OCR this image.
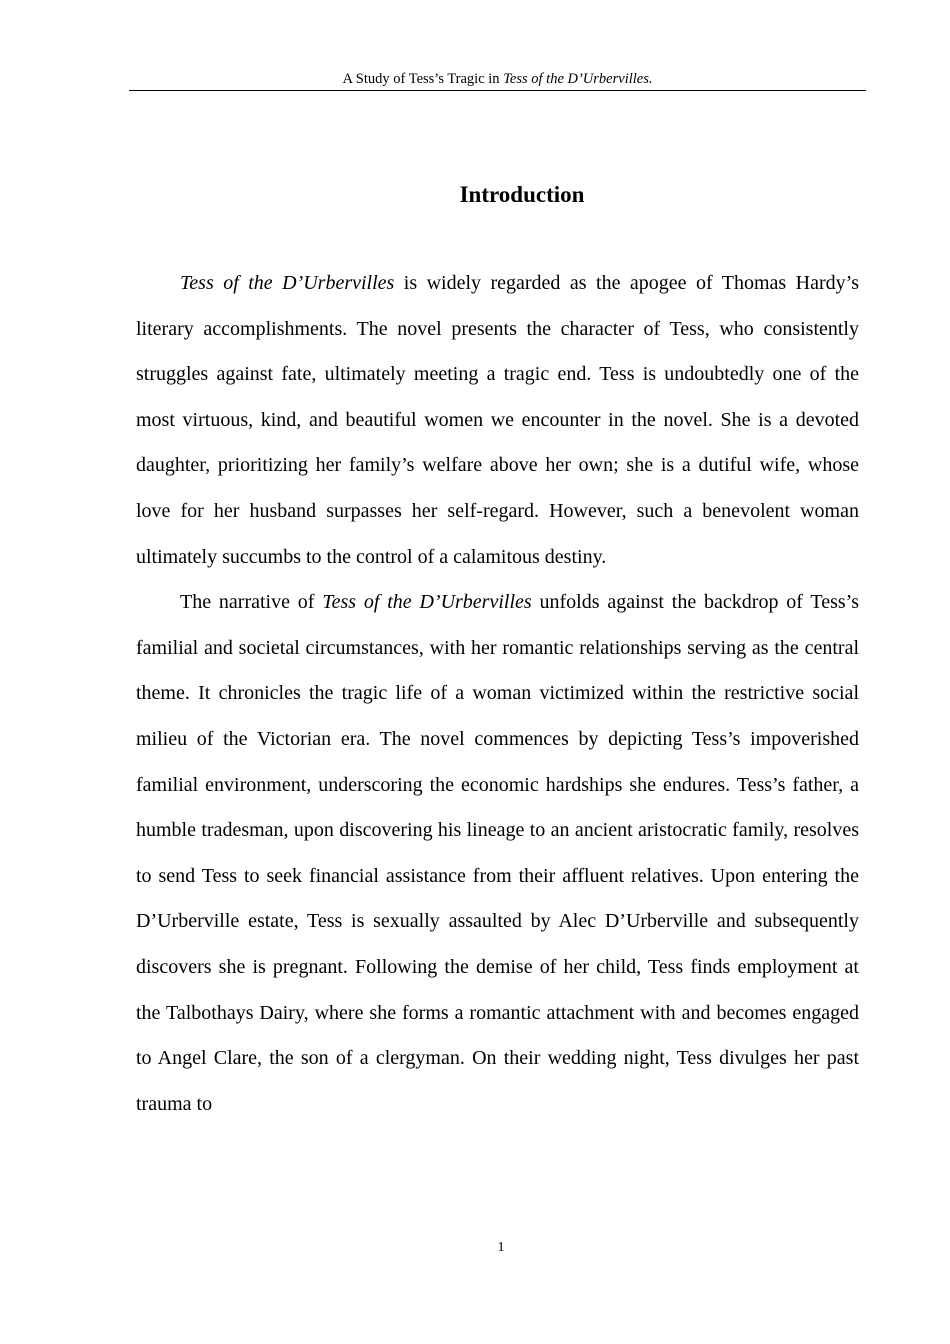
A Study of Tess’s Tragic in Tess of the D’Urbervilles.
Introduction

Tess of the D’Urbervilles is widely regarded as the apogee of Thomas Hardy’s literary accomplishments. The novel presents the character of Tess, who consistently struggles against fate, ultimately meeting a tragic end. Tess is undoubtedly one of the most virtuous, kind, and beautiful women we encounter in the novel. She is a devoted daughter, prioritizing her family’s welfare above her own; she is a dutiful wife, whose love for her husband surpasses her self-regard. However, such a benevolent woman ultimately succumbs to the control of a calamitous destiny.

The narrative of Tess of the D’Urbervilles unfolds against the backdrop of Tess’s familial and societal circumstances, with her romantic relationships serving as the central theme. It chronicles the tragic life of a woman victimized within the restrictive social milieu of the Victorian era. The novel commences by depicting Tess’s impoverished familial environment, underscoring the economic hardships she endures. Tess’s father, a humble tradesman, upon discovering his lineage to an ancient aristocratic family, resolves to send Tess to seek financial assistance from their affluent relatives. Upon entering the D’Urberville estate, Tess is sexually assaulted by Alec D’Urberville and subsequently discovers she is pregnant. Following the demise of her child, Tess finds employment at the Talbothays Dairy, where she forms a romantic attachment with and becomes engaged to Angel Clare, the son of a clergyman. On their wedding night, Tess divulges her past trauma to

1
